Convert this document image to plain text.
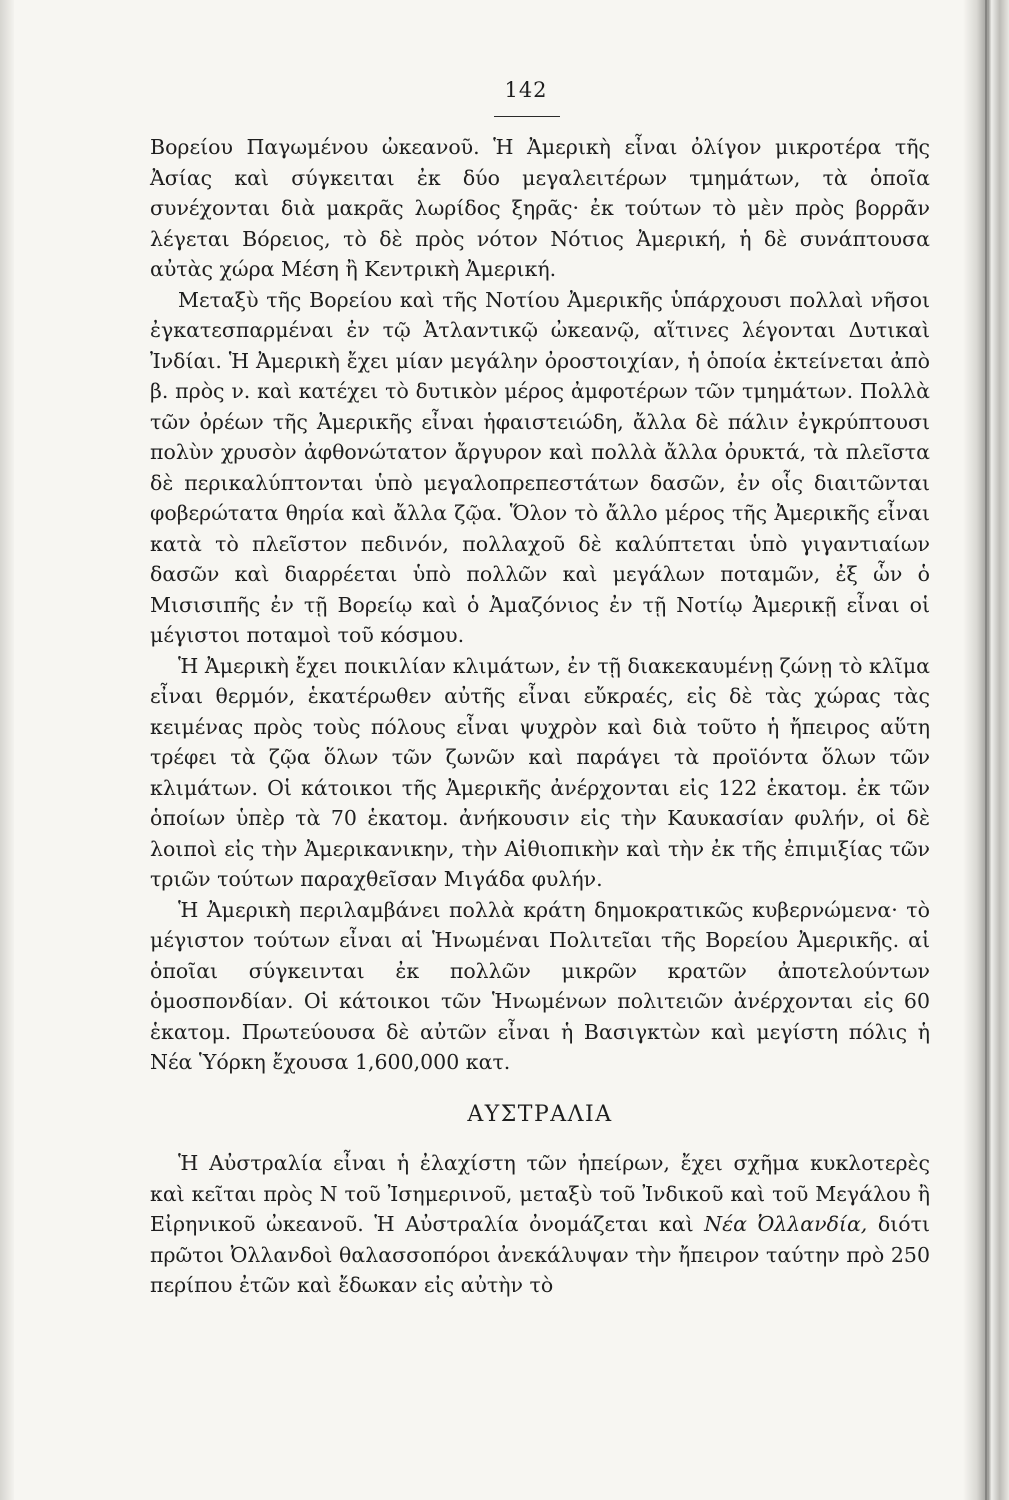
142

Βορείου Παγωμένου ὠκεανοῦ. Ἡ Ἀμερικὴ εἶναι ὀλίγον μικροτέρα τῆς Ἀσίας καὶ σύγκειται ἐκ δύο μεγαλειτέρων τμημάτων, τὰ ὁποῖα συνέχονται διὰ μακρᾶς λωρίδος ξηρᾶς· ἐκ τούτων τὸ μὲν πρὸς βορρᾶν λέγεται Βόρειος, τὸ δὲ πρὸς νότον Νότιος Ἀμερική, ἡ δὲ συνάπτουσα αὐτὰς χώρα Μέση ἢ Κεντρικὴ Ἀμερική.

Μεταξὺ τῆς Βορείου καὶ τῆς Νοτίου Ἀμερικῆς ὑπάρχουσι πολλαὶ νῆσοι ἐγκατεσπαρμέναι ἐν τῷ Ἀτλαντικῷ ὠκεανῷ, αἵτινες λέγονται Δυτικαὶ Ἰνδίαι. Ἡ Ἀμερικὴ ἔχει μίαν μεγάλην ὀροστοιχίαν, ἡ ὁποία ἐκτείνεται ἀπὸ β. πρὸς ν. καὶ κατέχει τὸ δυτικὸν μέρος ἀμφοτέρων τῶν τμημάτων. Πολλὰ τῶν ὀρέων τῆς Ἀμερικῆς εἶναι ἡφαιστειώδη, ἄλλα δὲ πάλιν ἐγκρύπτουσι πολὺν χρυσὸν ἀφθονώτατον ἄργυρον καὶ πολλὰ ἄλλα ὀρυκτά, τὰ πλεῖστα δὲ περικαλύπτονται ὑπὸ μεγαλοπρεπεστάτων δασῶν, ἐν οἷς διαιτῶνται φοβερώτατα θηρία καὶ ἄλλα ζῷα. Ὅλον τὸ ἄλλο μέρος τῆς Ἀμερικῆς εἶναι κατὰ τὸ πλεῖστον πεδινόν, πολλαχοῦ δὲ καλύπτεται ὑπὸ γιγαντιαίων δασῶν καὶ διαρρέεται ὑπὸ πολλῶν καὶ μεγάλων ποταμῶν, ἐξ ὧν ὁ Μισισιπῆς ἐν τῇ Βορείῳ καὶ ὁ Ἀμαζόνιος ἐν τῇ Νοτίῳ Ἀμερικῇ εἶναι οἱ μέγιστοι ποταμοὶ τοῦ κόσμου.

Ἡ Ἀμερικὴ ἔχει ποικιλίαν κλιμάτων, ἐν τῇ διακεκαυμένῃ ζώνῃ τὸ κλῖμα εἶναι θερμόν, ἑκατέρωθεν αὐτῆς εἶναι εὔκραές, εἰς δὲ τὰς χώρας τὰς κειμένας πρὸς τοὺς πόλους εἶναι ψυχρὸν καὶ διὰ τοῦτο ἡ ἤπειρος αὕτη τρέφει τὰ ζῷα ὅλων τῶν ζωνῶν καὶ παράγει τὰ προϊόντα ὅλων τῶν κλιμάτων. Οἱ κάτοικοι τῆς Ἀμερικῆς ἀνέρχονται εἰς 122 ἑκατομ. ἐκ τῶν ὁποίων ὑπὲρ τὰ 70 ἑκατομ. ἀνήκουσιν εἰς τὴν Καυκασίαν φυλήν, οἱ δὲ λοιποὶ εἰς τὴν Ἀμερικανικην, τὴν Αἰθιοπικὴν καὶ τὴν ἐκ τῆς ἐπιμιξίας τῶν τριῶν τούτων παραχθεῖσαν Μιγάδα φυλήν.

Ἡ Ἀμερικὴ περιλαμβάνει πολλὰ κράτη δημοκρατικῶς κυβερνώμενα· τὸ μέγιστον τούτων εἶναι αἱ Ἡνωμέναι Πολιτεῖαι τῆς Βορείου Ἀμερικῆς. αἱ ὁποῖαι σύγκεινται ἐκ πολλῶν μικρῶν κρατῶν ἀποτελούντων ὁμοσπονδίαν. Οἱ κάτοικοι τῶν Ἡνωμένων πολιτειῶν ἀνέρχονται εἰς 60 ἑκατομ. Πρωτεύουσα δὲ αὐτῶν εἶναι ἡ Βασιγκτὼν καὶ μεγίστη πόλις ἡ Νέα Ὑόρκη ἔχουσα 1,600,000 κατ.

ΑΥΣΤΡΑΛΙΑ

Ἡ Αὐστραλία εἶναι ἡ ἐλαχίστη τῶν ἠπείρων, ἔχει σχῆμα κυκλοτερὲς καὶ κεῖται πρὸς Ν τοῦ Ἰσημερινοῦ, μεταξὺ τοῦ Ἰνδικοῦ καὶ τοῦ Μεγάλου ἢ Εἰρηνικοῦ ὠκεανοῦ. Ἡ Αὐστραλία ὀνομάζεται καὶ Νέα Ὀλλανδία, διότι πρῶτοι Ὀλλανδοὶ θαλασσοπόροι ἀνεκάλυψαν τὴν ἤπειρον ταύτην πρὸ 250 περίπου ἐτῶν καὶ ἔδωκαν εἰς αὐτὴν τὸ
